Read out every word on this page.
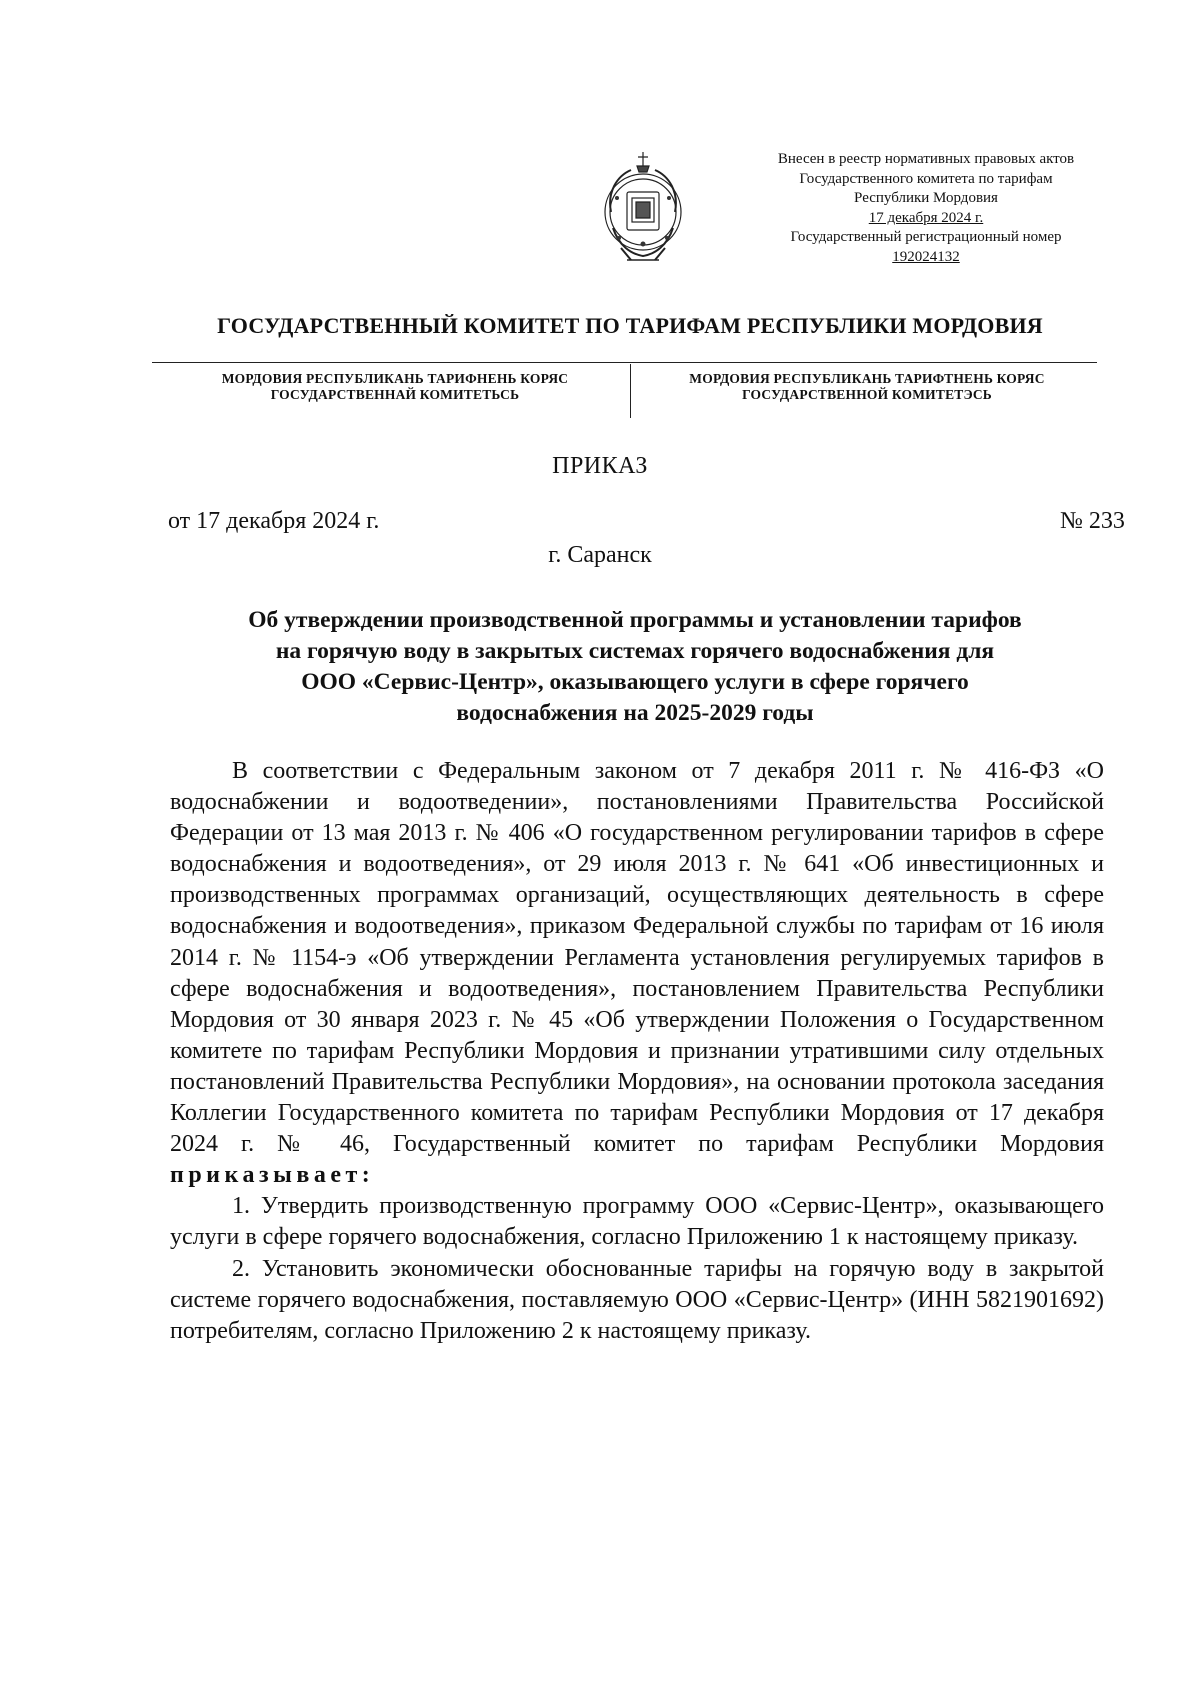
Внесен в реестр нормативных правовых актов
Государственного комитета по тарифам
Республики Мордовия
17 декабря 2024 г.
Государственный регистрационный номер
192024132
ГОСУДАРСТВЕННЫЙ КОМИТЕТ ПО ТАРИФАМ РЕСПУБЛИКИ МОРДОВИЯ
МОРДОВИЯ РЕСПУБЛИКАНЬ ТАРИФНЕНЬ КОРЯС
ГОСУДАРСТВЕННАЙ КОМИТЕТЬСЬ
МОРДОВИЯ РЕСПУБЛИКАНЬ ТАРИФТНЕНЬ КОРЯС
ГОСУДАРСТВЕННОЙ КОМИТЕТЭСЬ
ПРИКАЗ
от 17 декабря 2024 г.	№ 233
г. Саранск
Об утверждении производственной программы и установлении тарифов
на горячую воду в закрытых системах горячего водоснабжения для
ООО «Сервис-Центр», оказывающего услуги в сфере горячего
водоснабжения на 2025-2029 годы

В соответствии с Федеральным законом от 7 декабря 2011 г. № 416-ФЗ «О водоснабжении и водоотведении», постановлениями Правительства Российской Федерации от 13 мая 2013 г. № 406 «О государственном регулировании тарифов в сфере водоснабжения и водоотведения», от 29 июля 2013 г. № 641 «Об инвестиционных и производственных программах организаций, осуществляющих деятельность в сфере водоснабжения и водоотведения», приказом Федеральной службы по тарифам от 16 июля 2014 г. № 1154-э «Об утверждении Регламента установления регулируемых тарифов в сфере водоснабжения и водоотведения», постановлением Правительства Республики Мордовия от 30 января 2023 г. № 45 «Об утверждении Положения о Государственном комитете по тарифам Республики Мордовия и признании утратившими силу отдельных постановлений Правительства Республики Мордовия», на основании протокола заседания Коллегии Государственного комитета по тарифам Республики Мордовия от 17 декабря 2024 г. № 46, Государственный комитет по тарифам Республики Мордовия приказывает:

1. Утвердить производственную программу ООО «Сервис-Центр», оказывающего услуги в сфере горячего водоснабжения, согласно Приложению 1 к настоящему приказу.

2. Установить экономически обоснованные тарифы на горячую воду в закрытой системе горячего водоснабжения, поставляемую ООО «Сервис-Центр» (ИНН 5821901692) потребителям, согласно Приложению 2 к настоящему приказу.
